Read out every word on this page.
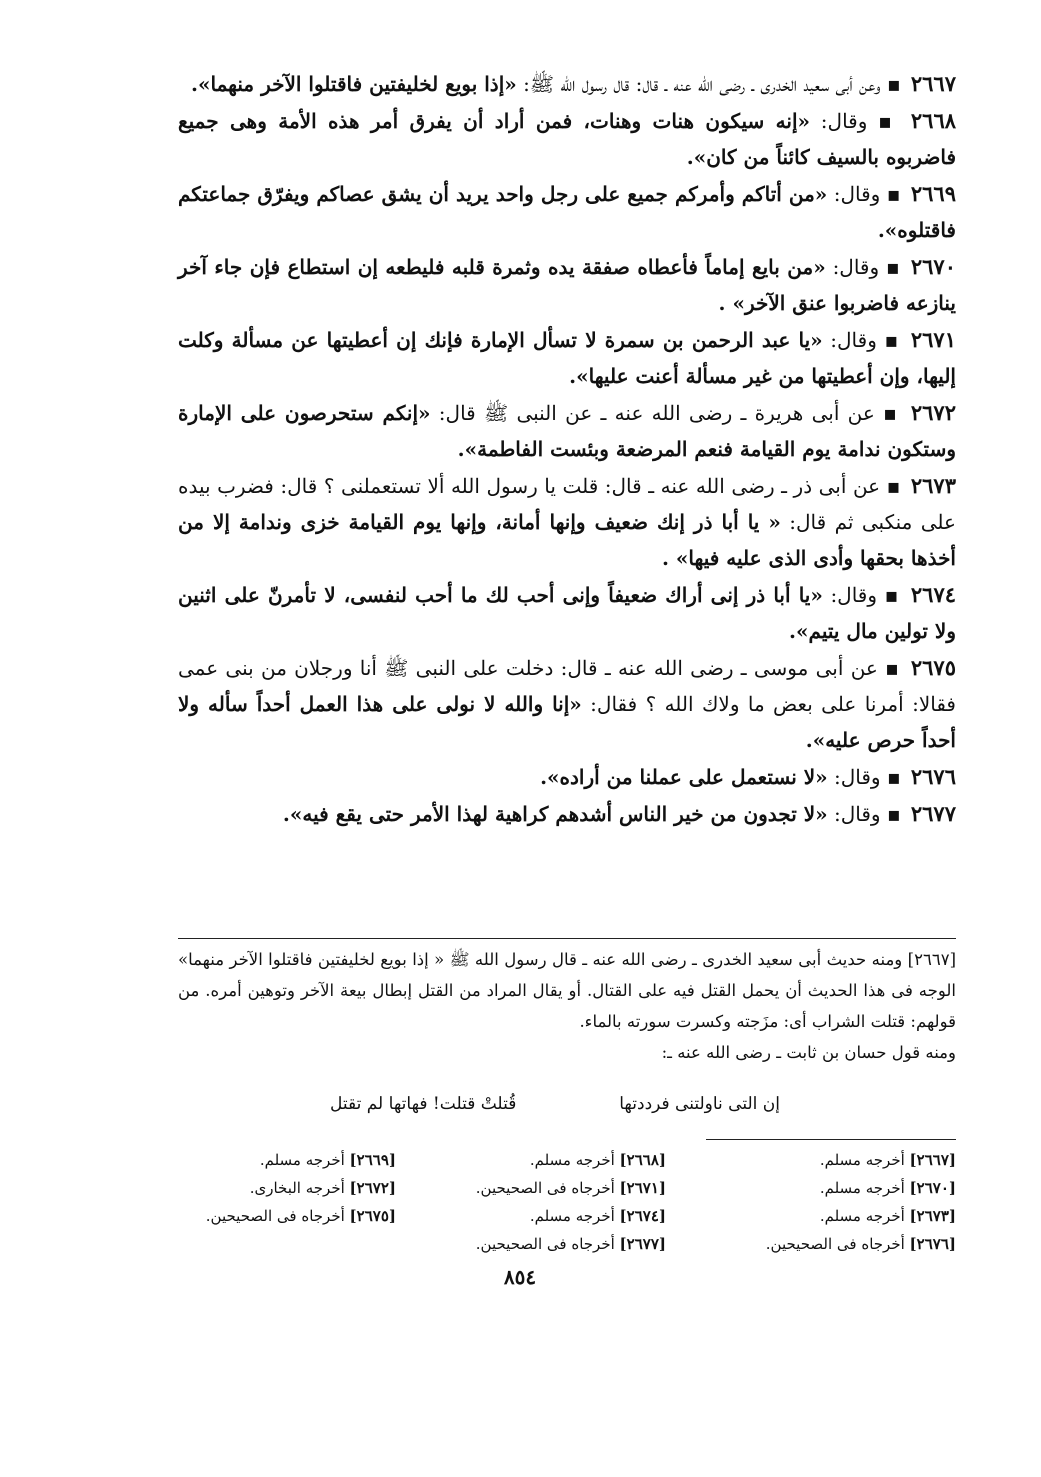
٢٦٦٧ ▪ وعن أبى سعيد الخدرى ـ رضى الله عنه ـ قال: قال رسول الله ﷺ: «إذا بويع لخليفتين فاقتلوا الآخر منهما».

٢٦٦٨ ▪ وقال: «إنه سيكون هنات وهنات، فمن أراد أن يفرق أمر هذه الأمة وهى جميع فاضربوه بالسيف كائناً من كان».

٢٦٦٩ ▪ وقال: «من أتاكم وأمركم جميع على رجل واحد يريد أن يشق عصاكم ويفرّق جماعتكم فاقتلوه».

٢٦٧٠ ▪ وقال: «من بايع إماماً فأعطاه صفقة يده وثمرة قلبه فليطعه إن استطاع فإن جاء آخر ينازعه فاضربوا عنق الآخر» .

٢٦٧١ ▪ وقال: «يا عبد الرحمن بن سمرة لا تسأل الإمارة فإنك إن أعطيتها عن مسألة وكلت إليها، وإن أعطيتها من غير مسألة أعنت عليها».

٢٦٧٢ ▪ عن أبى هريرة ـ رضى الله عنه ـ عن النبى ﷺ قال: «إنكم ستحرصون على الإمارة وستكون ندامة يوم القيامة فنعم المرضعة وبئست الفاطمة».

٢٦٧٣ ▪ عن أبى ذر ـ رضى الله عنه ـ قال: قلت يا رسول الله ألا تستعملنى ؟ قال: فضرب بيده على منكبى ثم قال: « يا أبا ذر إنك ضعيف وإنها أمانة، وإنها يوم القيامة خزى وندامة إلا من أخذها بحقها وأدى الذى عليه فيها» .

٢٦٧٤ ▪ وقال: «يا أبا ذر إنى أراك ضعيفاً وإنى أحب لك ما أحب لنفسى، لا تأمرنّ على اثنين ولا تولين مال يتيم».

٢٦٧٥ ▪ عن أبى موسى ـ رضى الله عنه ـ قال: دخلت على النبى ﷺ أنا ورجلان من بنى عمى فقالا: أمرنا على بعض ما ولاك الله ؟ فقال: «إنا والله لا نولى على هذا العمل أحداً سأله ولا أحداً حرص عليه».

٢٦٧٦ ▪ وقال: «لا نستعمل على عملنا من أراده».

٢٦٧٧ ▪ وقال: «لا تجدون من خير الناس أشدهم كراهية لهذا الأمر حتى يقع فيه».

[٢٦٦٧] ومنه حديث أبى سعيد الخدرى ـ رضى الله عنه ـ قال رسول الله ﷺ « إذا بويع لخليفتين فاقتلوا الآخر منهما» الوجه فى هذا الحديث أن يحمل القتل فيه على القتال. أو يقال المراد من القتل إبطال بيعة الآخر وتوهين أمره. من قولهم: قتلت الشراب أى: مزَجته وكسرت سورته بالماء.

ومنه قول حسان بن ثابت ـ رضى الله عنه ـ:

إن التى ناولتنى فرددتها
قُتلتْ قتلت! فهاتها لم تقتل
[٢٦٦٧] أخرجه مسلم.
[٢٦٧٠] أخرجه مسلم.
[٢٦٧٣] أخرجه مسلم.
[٢٦٧٦] أخرجاه فى الصحيحين.
[٢٦٦٨] أخرجه مسلم.
[٢٦٧١] أخرجاه فى الصحيحين.
[٢٦٧٤] أخرجه مسلم.
[٢٦٧٧] أخرجاه فى الصحيحين.
[٢٦٦٩] أخرجه مسلم.
[٢٦٧٢] أخرجه البخارى.
[٢٦٧٥] أخرجاه فى الصحيحين.
٨٥٤
